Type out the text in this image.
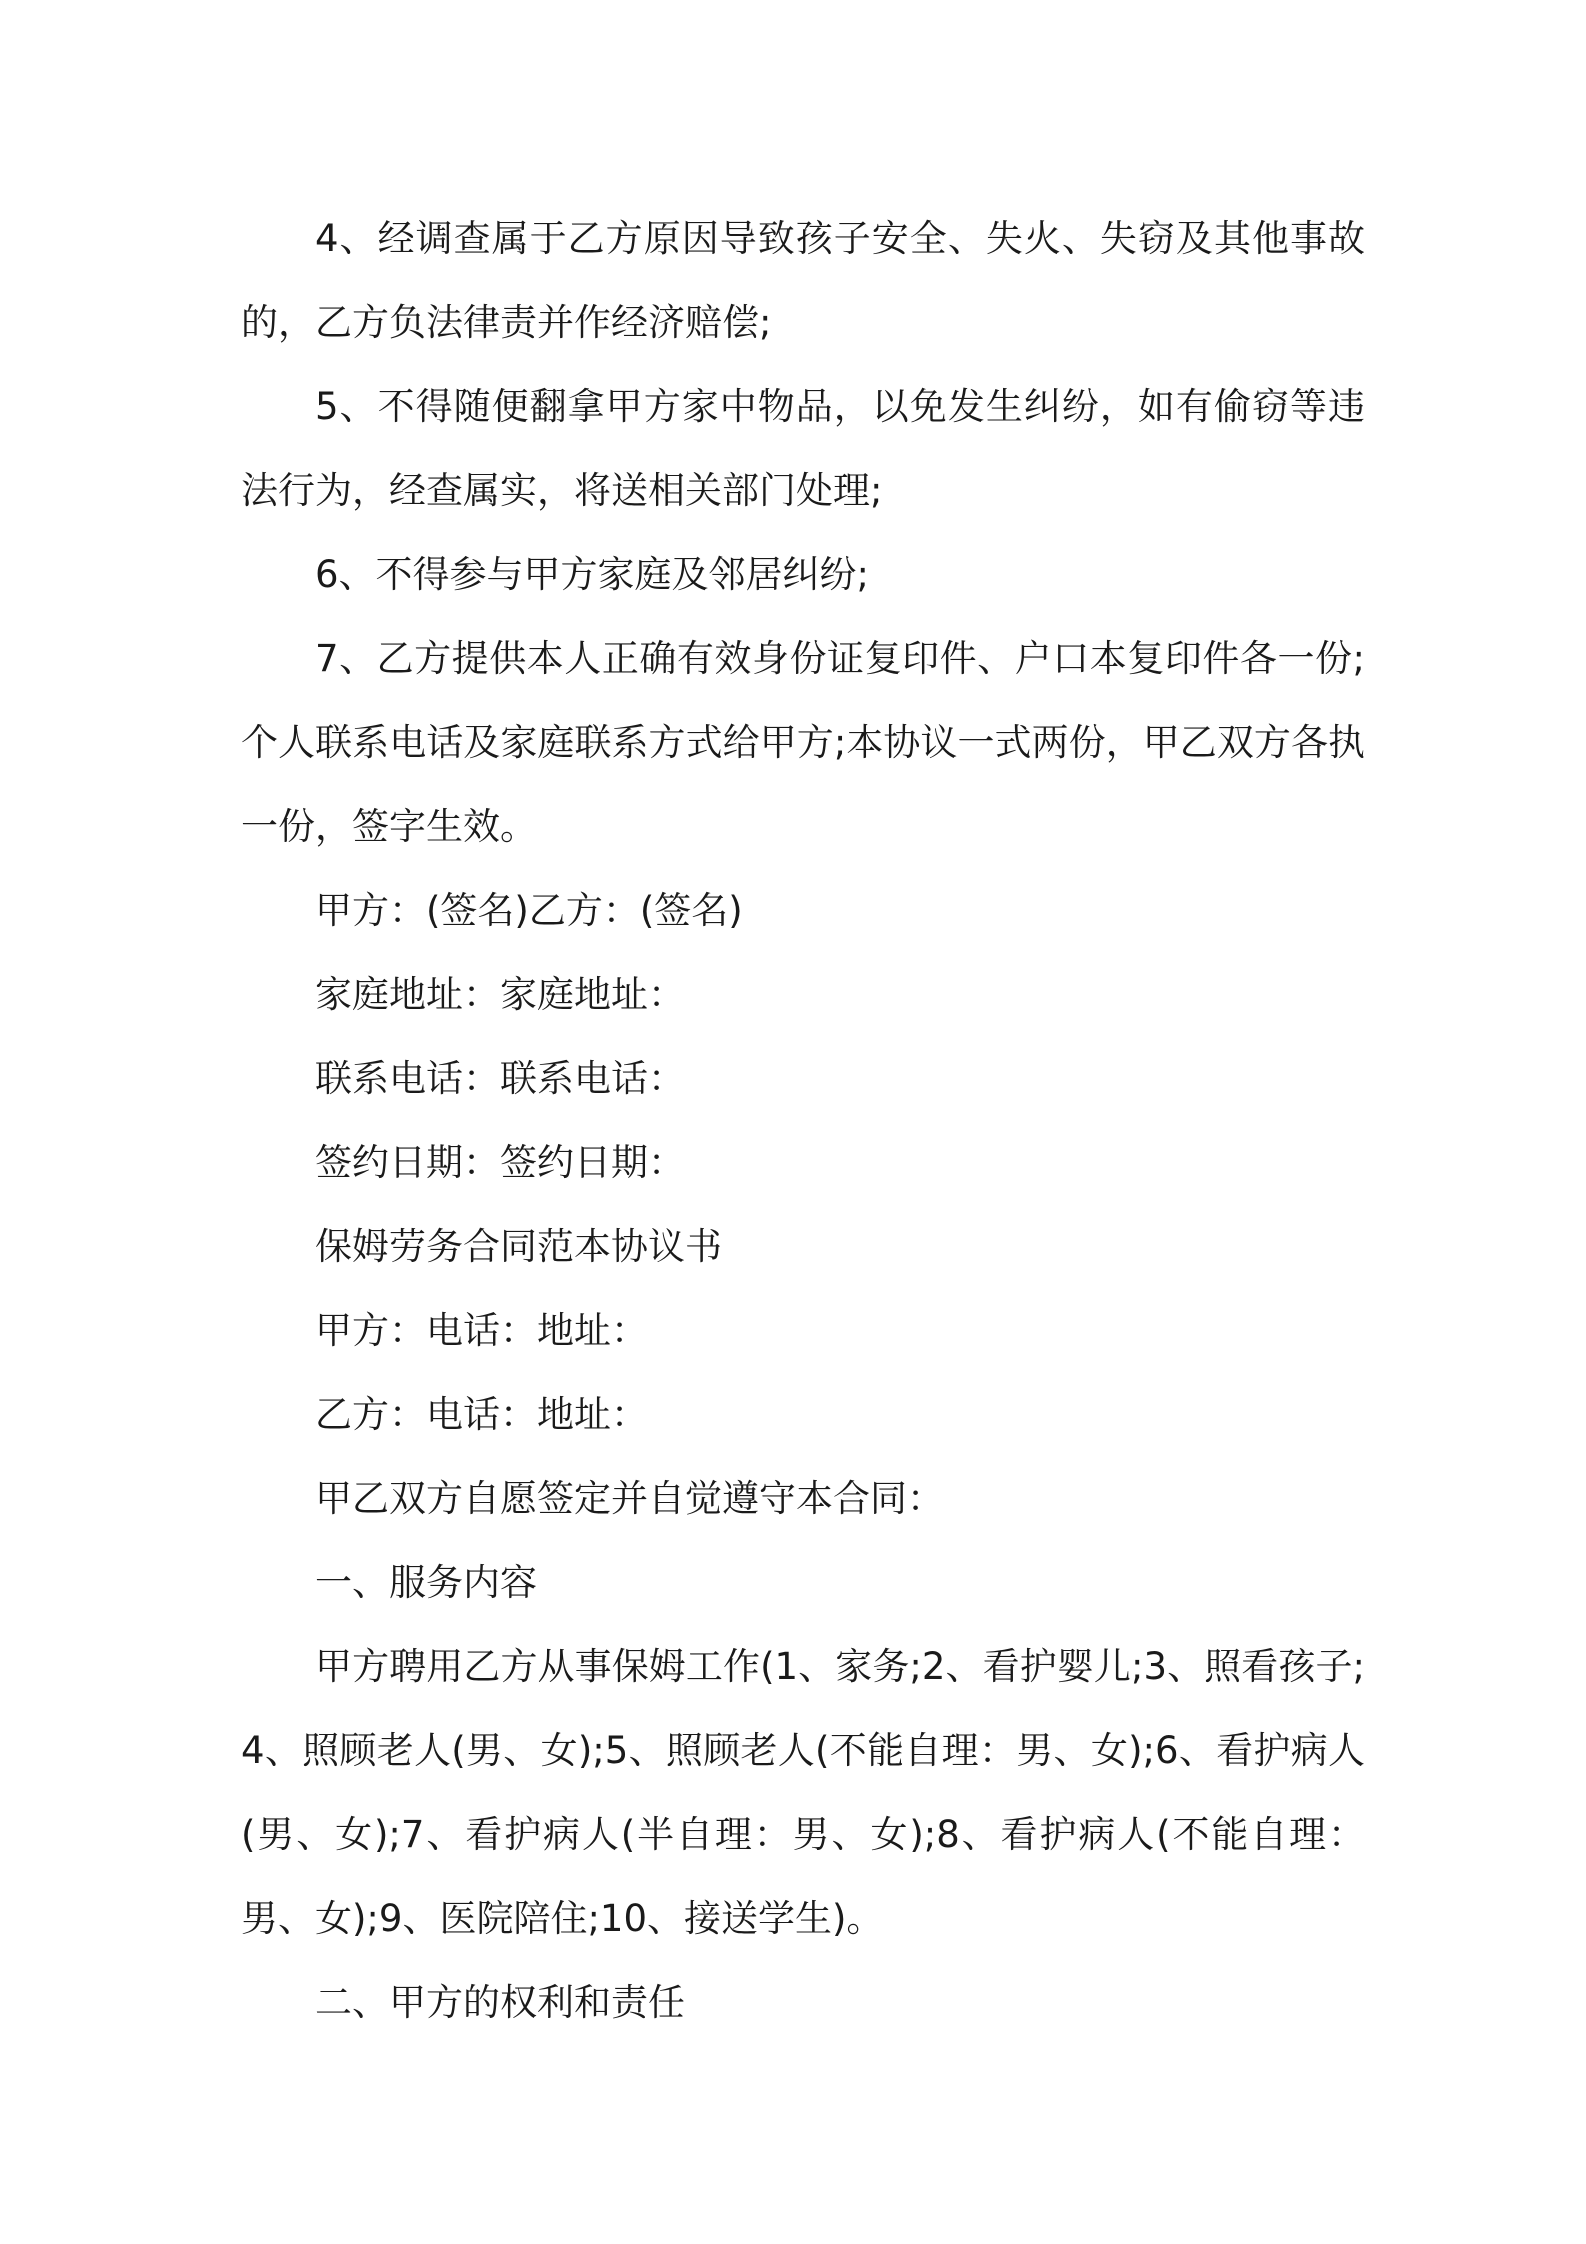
4、经调查属于乙方原因导致孩子安全、失火、失窃及其他事故的，乙方负法律责并作经济赔偿;

5、不得随便翻拿甲方家中物品，以免发生纠纷，如有偷窃等违法行为，经查属实，将送相关部门处理;

6、不得参与甲方家庭及邻居纠纷;

7、乙方提供本人正确有效身份证复印件、户口本复印件各一份;个人联系电话及家庭联系方式给甲方;本协议一式两份，甲乙双方各执一份，签字生效。

甲方：(签名)乙方：(签名)

家庭地址：家庭地址：

联系电话：联系电话：

签约日期：签约日期：

保姆劳务合同范本协议书

甲方：电话：地址：

乙方：电话：地址：

甲乙双方自愿签定并自觉遵守本合同：

一、服务内容

甲方聘用乙方从事保姆工作(1、家务;2、看护婴儿;3、照看孩子;4、照顾老人(男、女);5、照顾老人(不能自理：男、女);6、看护病人(男、女);7、看护病人(半自理：男、女);8、看护病人(不能自理：男、女);9、医院陪住;10、接送学生)。

二、甲方的权利和责任
